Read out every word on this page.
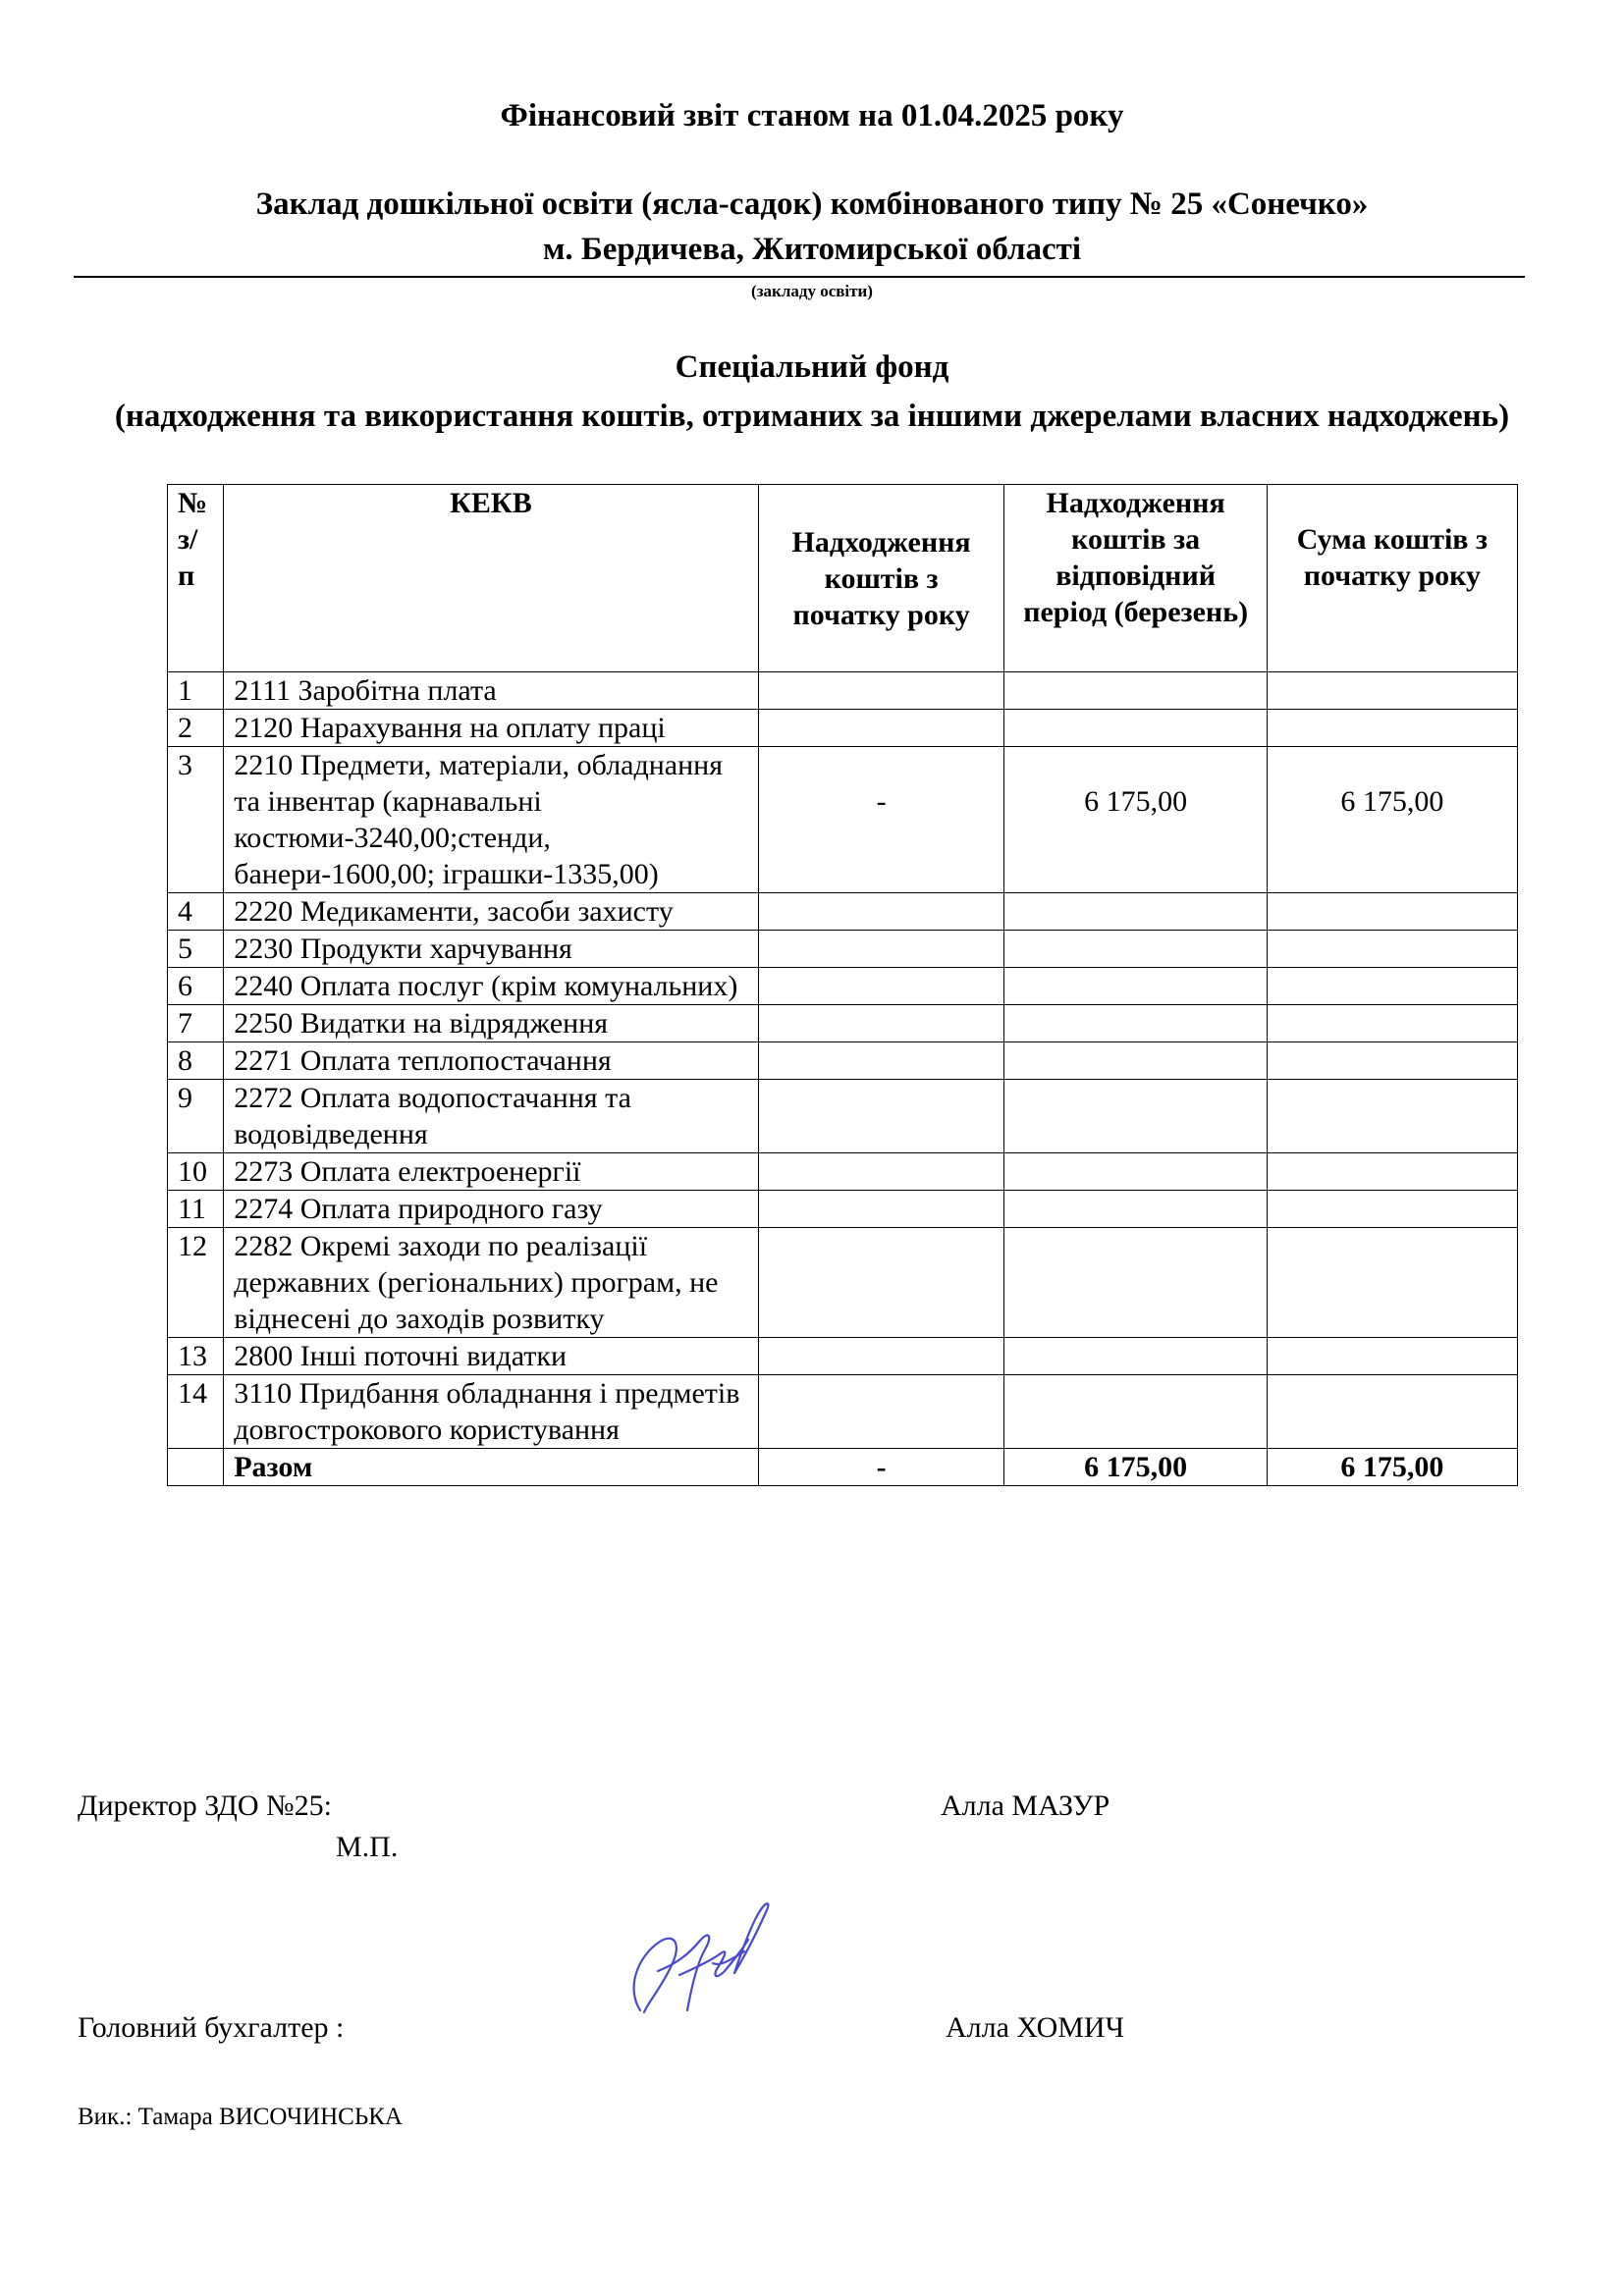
Фінансовий звіт станом на 01.04.2025 року
Заклад дошкільної освіти (ясла-садок) комбінованого типу № 25 «Сонечко»
м. Бердичева, Житомирської області
(закладу освіти)
Спеціальний фонд
(надходження та використання коштів, отриманих за іншими джерелами власних надходжень)
№ з/п	КЕКВ	Надходження коштів з початку року	Надходження коштів за відповідний період (березень)	Сума коштів з початку року
1	2111 Заробітна плата			
2	2120 Нарахування на оплату праці			
3	2210 Предмети, матеріали, обладнання та інвентар (карнавальні костюми-3240,00;стенди, банери-1600,00; іграшки-1335,00)	-	6 175,00	6 175,00
4	2220 Медикаменти, засоби захисту			
5	2230 Продукти харчування			
6	2240 Оплата послуг (крім комунальних)			
7	2250 Видатки на відрядження			
8	2271 Оплата теплопостачання			
9	2272 Оплата водопостачання та водовідведення			
10	2273 Оплата електроенергії			
11	2274 Оплата природного газу			
12	2282 Окремі заходи по реалізації державних (регіональних) програм, не віднесені до заходів розвитку			
13	2800 Інші поточні видатки			
14	3110 Придбання обладнання і предметів довгострокового користування			
	Разом	-	6 175,00	6 175,00
Директор ЗДО №25:
М.П.
Алла МАЗУР
Головний бухгалтер :	Алла ХОМИЧ
Вик.: Тамара ВИСОЧИНСЬКА
